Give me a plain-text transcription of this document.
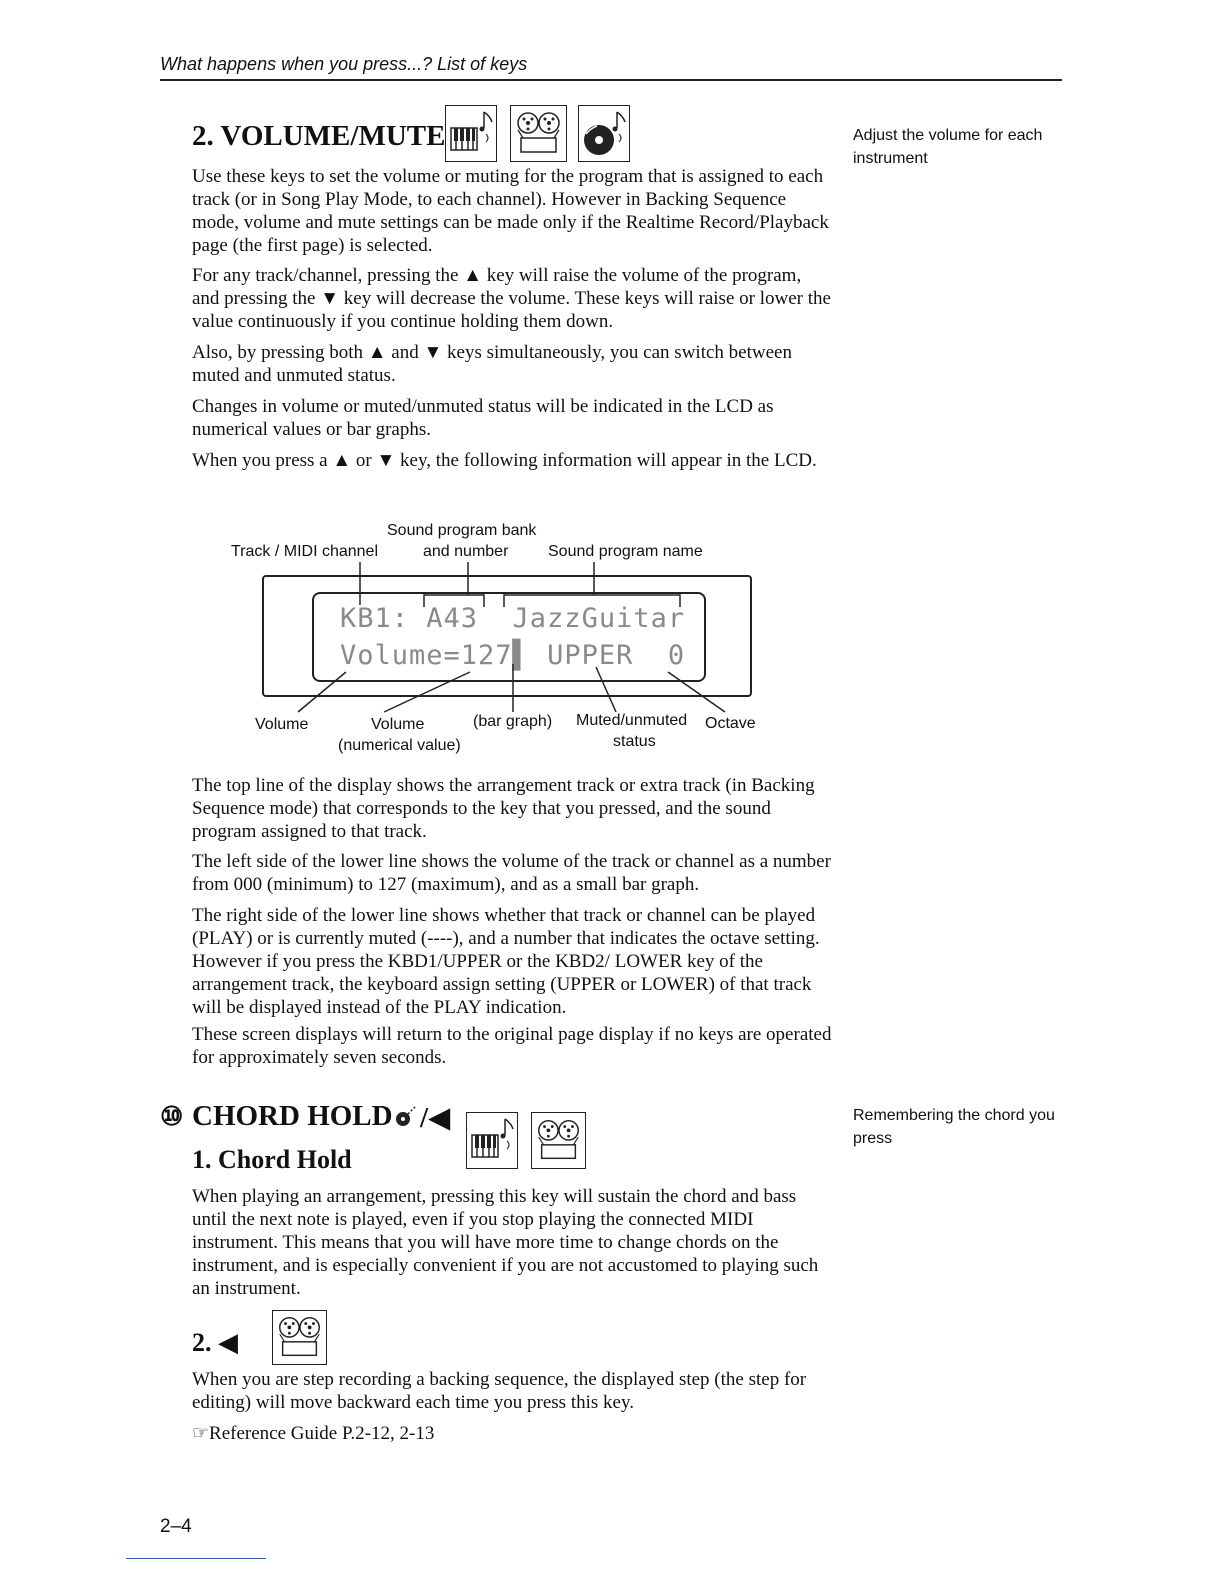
What happens when you press...? List of keys
2. VOLUME/MUTE	Adjust the volume for each instrument

Use these keys to set the volume or muting for the program that is assigned to each track (or in Song Play Mode, to each channel). However in Backing Sequence mode, volume and mute settings can be made only if the Realtime Record/Playback page (the first page) is selected.

For any track/channel, pressing the ▲ key will raise the volume of the program, and pressing the ▼ key will decrease the volume. These keys will raise or lower the value continuously if you continue holding them down.

Also, by pressing both ▲ and ▼ keys simultaneously, you can switch between muted and unmuted status.

Changes in volume or muted/unmuted status will be indicated in the LCD as numerical values or bar graphs.

When you press a ▲ or ▼ key, the following information will appear in the LCD.

Sound program bank
Track / MIDI channel	and number Sound program name
KB1: A43  JazzGuitar
Volume=127▌ UPPER  0
Volume	Volume
(numerical value)
(bar graph) Muted/unmuted
status
Octave

The top line of the display shows the arrangement track or extra track (in Backing Sequence mode) that corresponds to the key that you pressed, and the sound program assigned to that track.

The left side of the lower line shows the volume of the track or channel as a number from 000 (minimum) to 127 (maximum), and as a small bar graph.

The right side of the lower line shows whether that track or channel can be played (PLAY) or is currently muted (----), and a number that indicates the octave setting. However if you press the KBD1/UPPER or the KBD2/ LOWER key of the arrangement track, the keyboard assign setting (UPPER or LOWER) of that track will be displayed instead of the PLAY indication.

These screen displays will return to the original page display if no keys are operated for approximately seven seconds.

⑩ CHORD HOLD /◀	Remembering the chord you press
1. Chord Hold

When playing an arrangement, pressing this key will sustain the chord and bass until the next note is played, even if you stop playing the connected MIDI instrument. This means that you will have more time to change chords on the instrument, and is especially convenient if you are not accustomed to playing such an instrument.

2. ◀

When you are step recording a backing sequence, the displayed step (the step for editing) will move backward each time you press this key.

☞Reference Guide P.2-12, 2-13

2–4
